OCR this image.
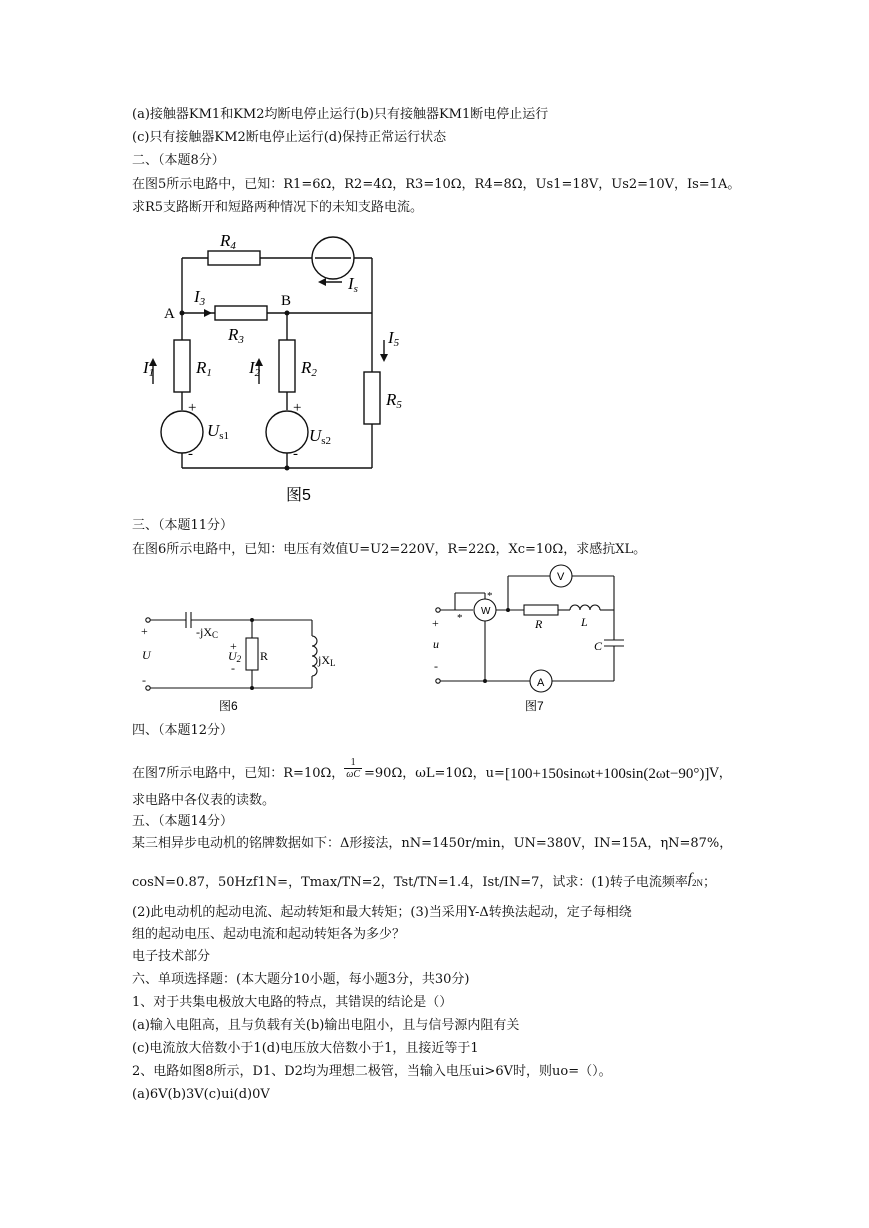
(a)接触器KM1和KM2均断电停止运行(b)只有接触器KM1断电停止运行
(c)只有接触器KM2断电停止运行(d)保持正常运行状态
二、（本题8分）
在图5所示电路中，已知：R1=6Ω，R2=4Ω，R3=10Ω，R4=8Ω，Us1=18V，Us2=10V，Is=1A。
求R5支路断开和短路两种情况下的未知支路电流。
R4
Is
I3
A
B
R3	I5
I1 R1 I2 R2
R5
+
-
+
-
Us1	Us2
图5
三、（本题11分）
在图6所示电路中，已知：电压有效值U=U2=220V，R=22Ω，Xc=10Ω，求感抗XL。
+
-
U
-jXC
+
U2
-
R	jXL
图6
W
V
A
*
*	R	L
C
+
u
-
图7
四、（本题12分）
在图7所示电路中，已知：R=10Ω， $\frac{1}{\omega C} =90\Omega$，ωL=10Ω，u= [100+150sinωt+100sin(2ωt−90°)] V，
求电路中各仪表的读数。
五、（本题14分）
某三相异步电动机的铭牌数据如下：Δ形接法，nN=1450r/min，UN=380V，IN=15A，ηN=87%，
cosN=0.87，50Hzf1N=，Tmax/TN=2，Tst/TN=1.4，Ist/IN=7，试求：(1)转子电流频率f2N；
(2)此电动机的起动电流、起动转矩和最大转矩；(3)当采用Y-Δ转换法起动，定子每相绕
组的起动电压、起动电流和起动转矩各为多少？
电子技术部分
六、单项选择题：(本大题分10小题，每小题3分，共30分)
1、对于共集电极放大电路的特点，其错误的结论是（）
(a)输入电阻高，且与负载有关(b)输出电阻小，且与信号源内阻有关
(c)电流放大倍数小于1(d)电压放大倍数小于1，且接近等于1
2、电路如图8所示，D1、D2均为理想二极管，当输入电压ui>6V时，则uo=（）。
(a)6V(b)3V(c)ui(d)0V
